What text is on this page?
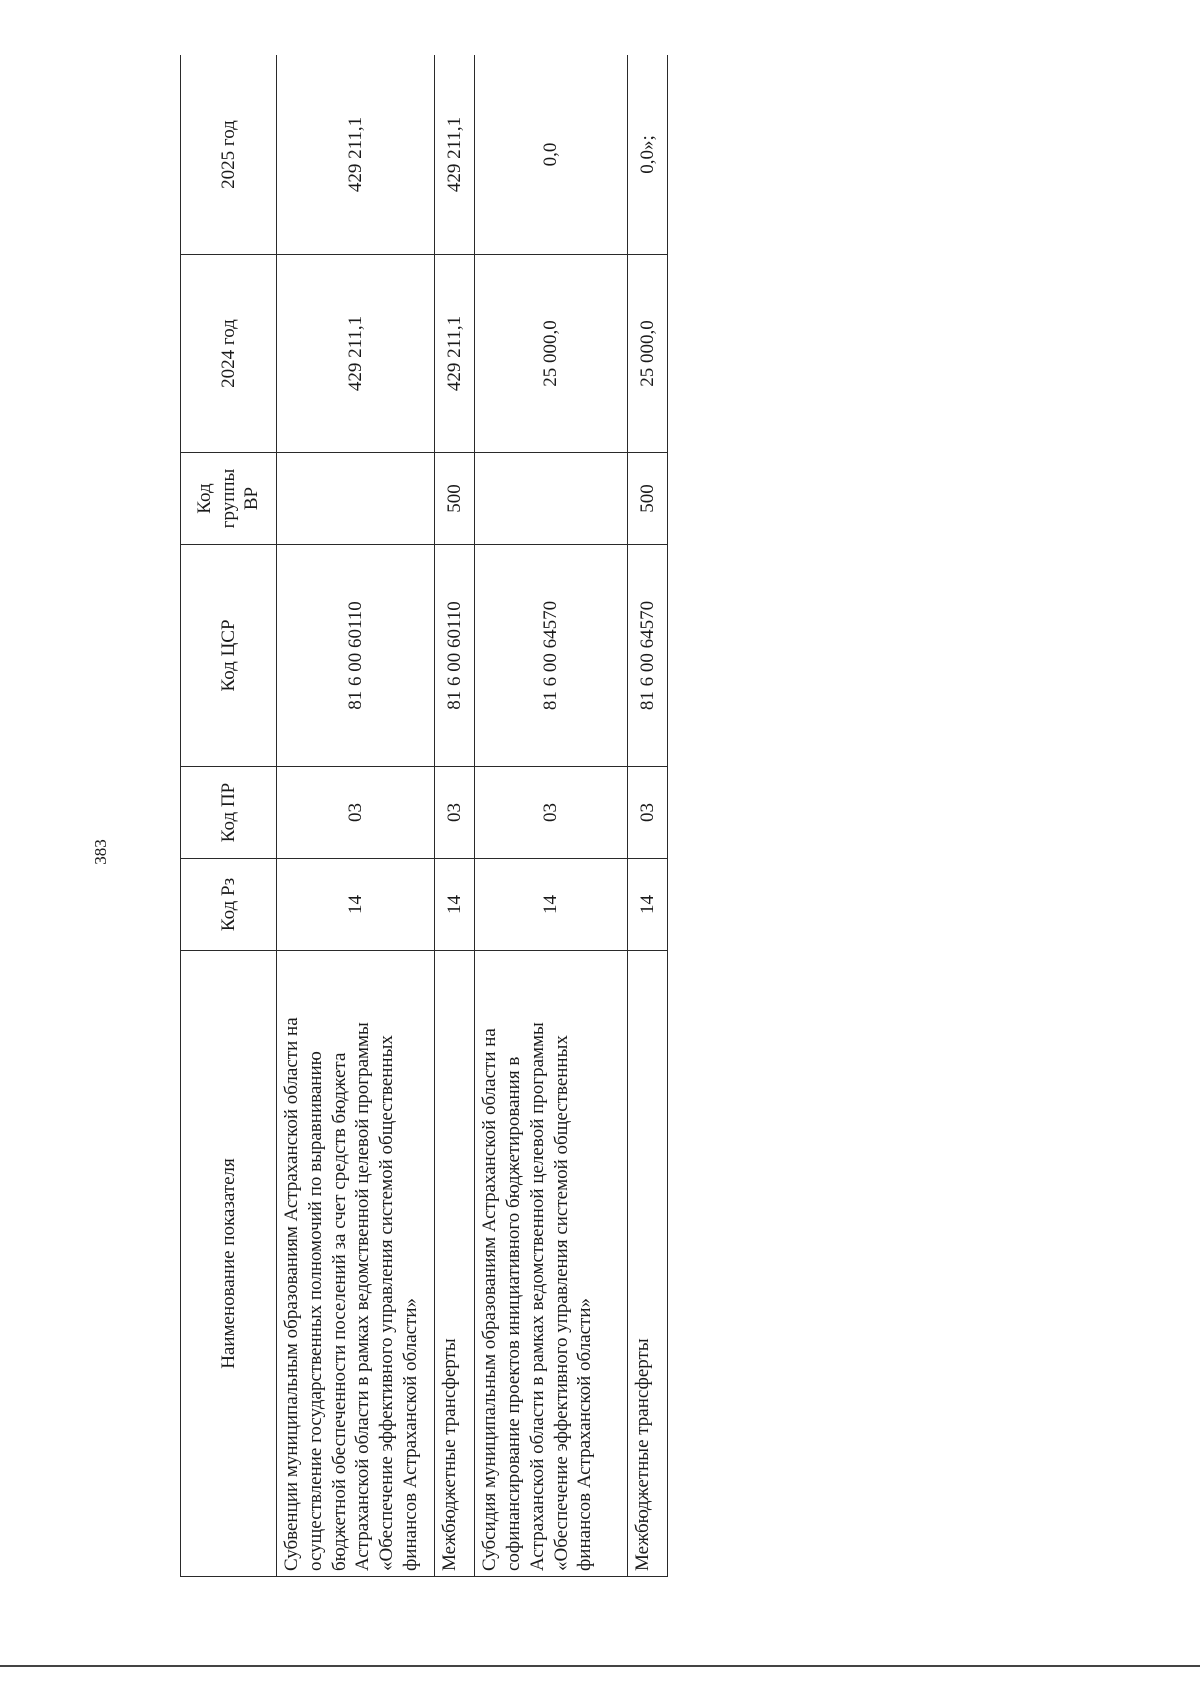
383
Наименование показателя	Код Рз	Код ПР	Код ЦСР	Код группы ВР	2024 год	2025 год
Субвенции муниципальным образованиям Астраханской области на осуществление государственных полномочий по выравниванию бюджетной обеспеченности поселений за счет средств бюджета Астраханской области в рамках ведомственной целевой программы «Обеспечение эффективного управления системой общественных финансов Астраханской области»	14	03	81 6 00 60110		429 211,1	429 211,1
Межбюджетные трансферты	14	03	81 6 00 60110	500	429 211,1	429 211,1
Субсидия муниципальным образованиям Астраханской области на софинансирование проектов инициативного бюджетирования в Астраханской области в рамках ведомственной целевой программы «Обеспечение эффективного управления системой общественных финансов Астраханской области»	14	03	81 6 00 64570		25 000,0	0,0
Межбюджетные трансферты	14	03	81 6 00 64570	500	25 000,0	0,0»;
